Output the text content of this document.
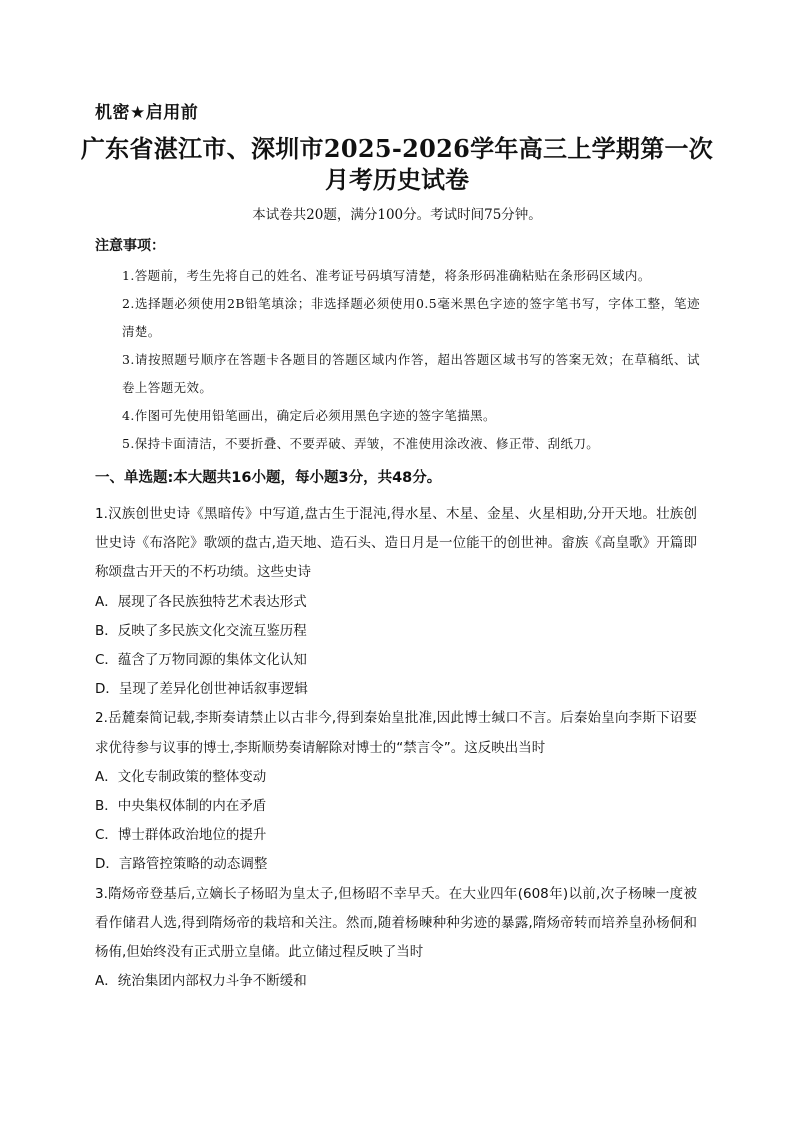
机密★启用前
广东省湛江市、深圳市2025-2026学年高三上学期第一次
月考历史试卷
本试卷共20题，满分100分。考试时间75分钟。
注意事项：

1.答题前，考生先将自己的姓名、准考证号码填写清楚，将条形码准确粘贴在条形码区域内。

2.选择题必须使用2B铅笔填涂；非选择题必须使用0.5毫米黑色字迹的签字笔书写，字体工整，笔迹清楚。

3.请按照题号顺序在答题卡各题目的答题区域内作答，超出答题区域书写的答案无效；在草稿纸、试卷上答题无效。

4.作图可先使用铅笔画出，确定后必须用黑色字迹的签字笔描黑。

5.保持卡面清洁，不要折叠、不要弄破、弄皱，不准使用涂改液、修正带、刮纸刀。

一、单选题:本大题共16小题，每小题3分，共48分。

1.汉族创世史诗《黑暗传》中写道,盘古生于混沌,得水星、木星、金星、火星相助,分开天地。壮族创世史诗《布洛陀》歌颂的盘古,造天地、造石头、造日月是一位能干的创世神。畲族《高皇歌》开篇即称颂盘古开天的不朽功绩。这些史诗

A．展现了各民族独特艺术表达形式

B．反映了多民族文化交流互鉴历程

C．蕴含了万物同源的集体文化认知

D．呈现了差异化创世神话叙事逻辑

2.岳麓秦简记载,李斯奏请禁止以古非今,得到秦始皇批准,因此博士缄口不言。后秦始皇向李斯下诏要求优待参与议事的博士,李斯顺势奏请解除对博士的“禁言令”。这反映出当时

A．文化专制政策的整体变动

B．中央集权体制的内在矛盾

C．博士群体政治地位的提升

D．言路管控策略的动态调整

3.隋炀帝登基后,立嫡长子杨昭为皇太子,但杨昭不幸早夭。在大业四年(608年)以前,次子杨暕一度被看作储君人选,得到隋炀帝的栽培和关注。然而,随着杨暕种种劣迹的暴露,隋炀帝转而培养皇孙杨侗和杨侑,但始终没有正式册立皇储。此立储过程反映了当时

A．统治集团内部权力斗争不断缓和
